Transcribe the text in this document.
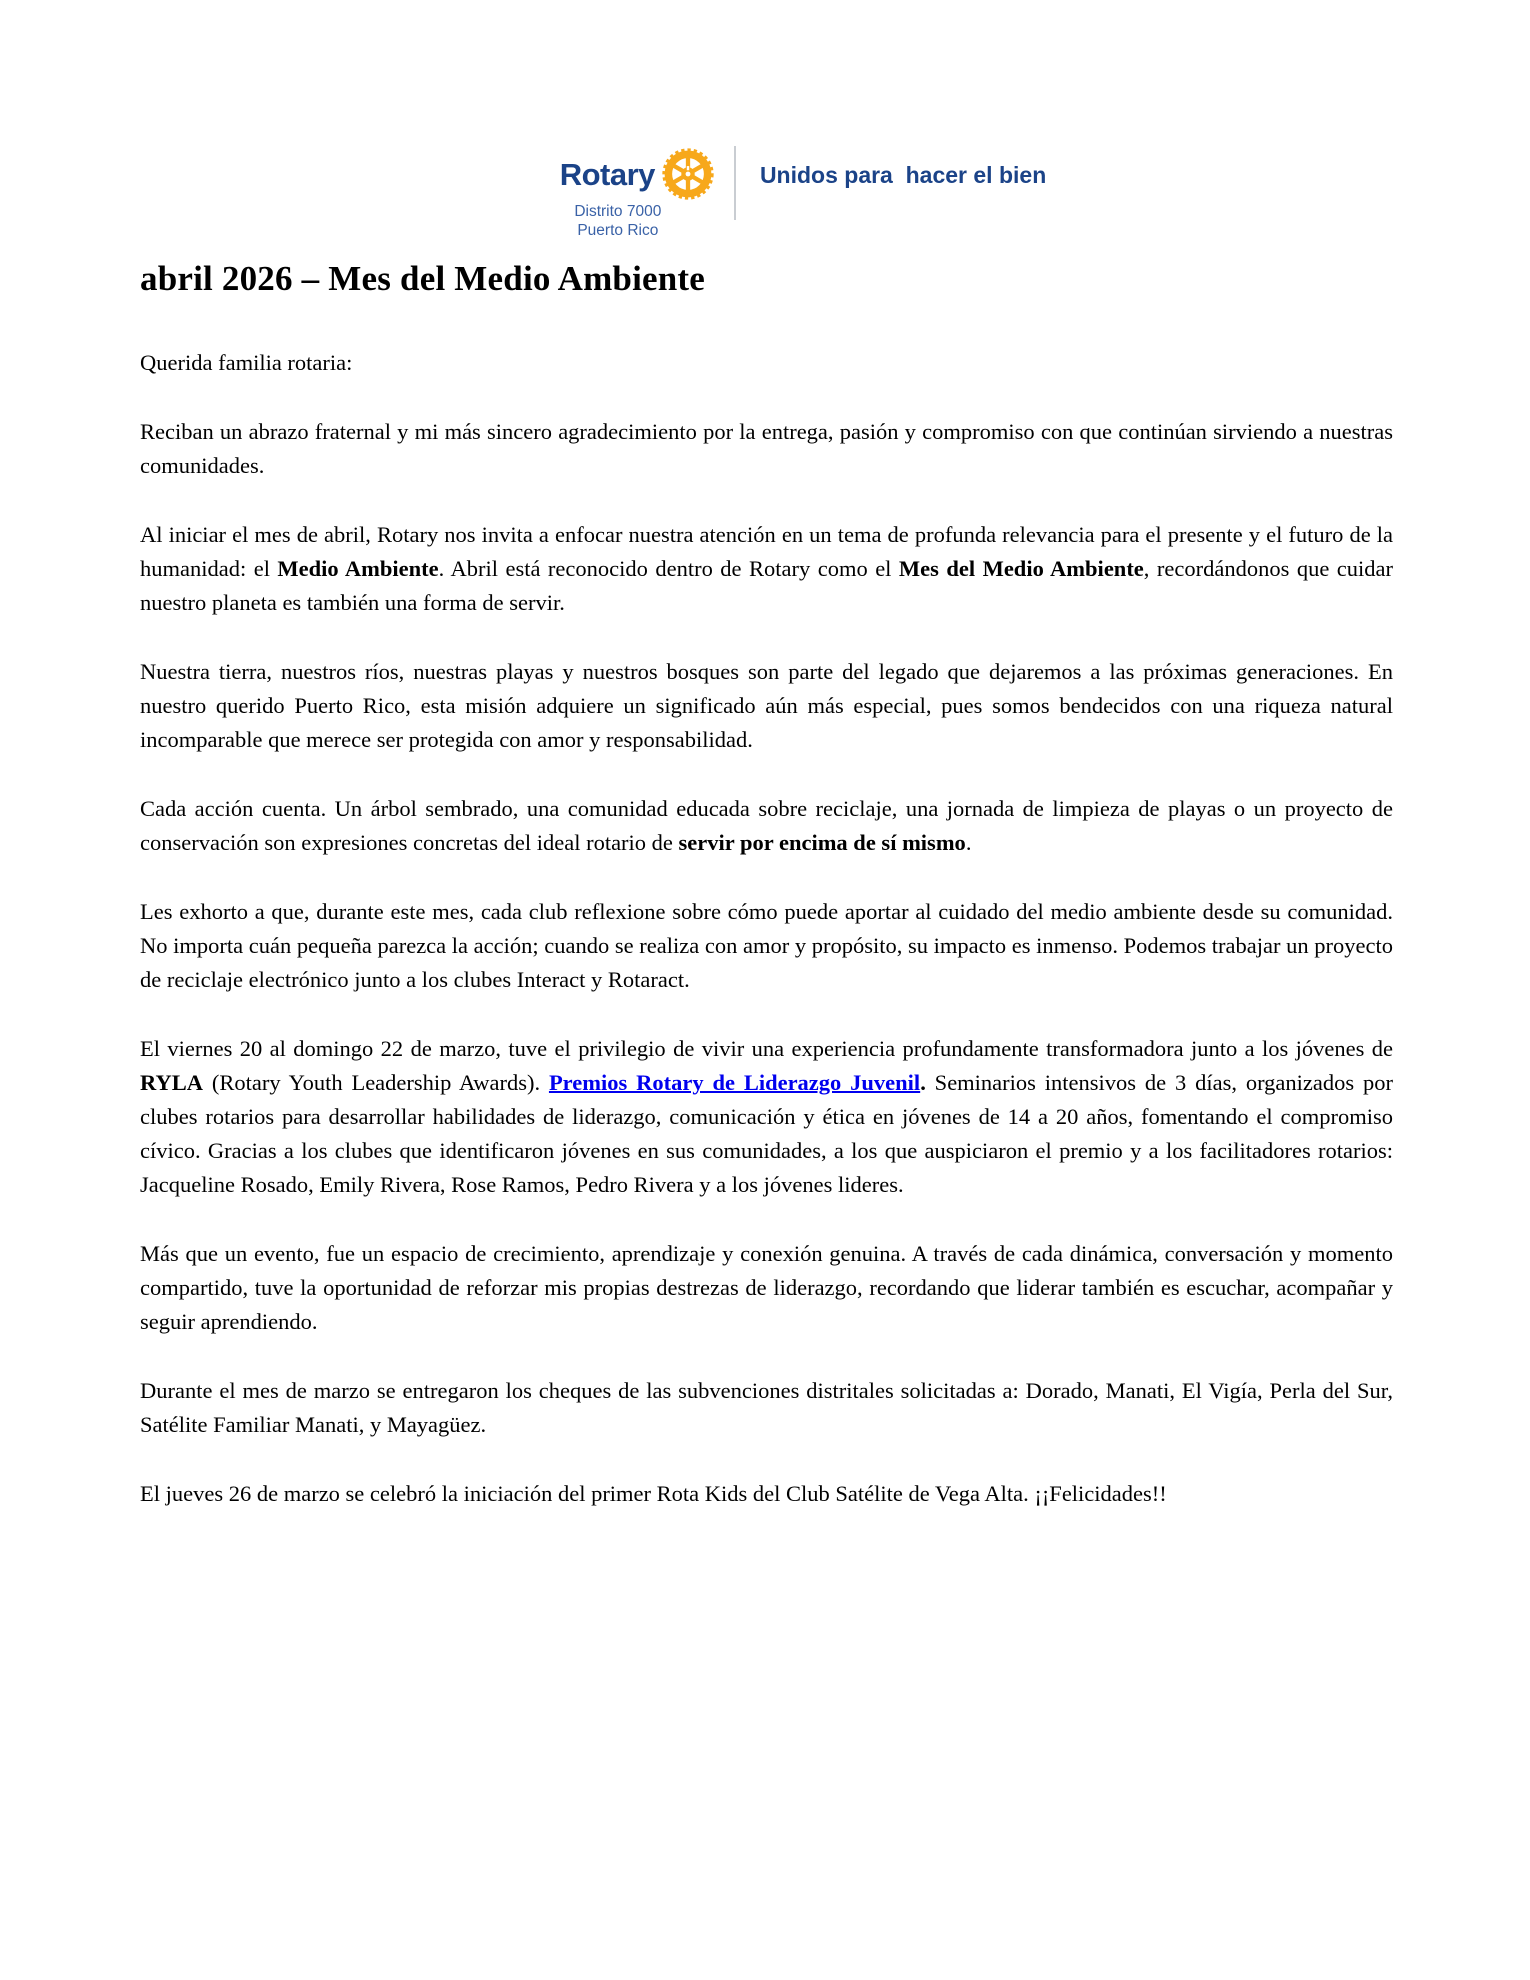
Rotary
Distrito 7000
Puerto Rico
Unidos para  hacer el bien
abril 2026 – Mes del Medio Ambiente

Querida familia rotaria:

Reciban un abrazo fraternal y mi más sincero agradecimiento por la entrega, pasión y compromiso con que continúan sirviendo a nuestras comunidades.

Al iniciar el mes de abril, Rotary nos invita a enfocar nuestra atención en un tema de profunda relevancia para el presente y el futuro de la humanidad: el Medio Ambiente. Abril está reconocido dentro de Rotary como el Mes del Medio Ambiente, recordándonos que cuidar nuestro planeta es también una forma de servir.

Nuestra tierra, nuestros ríos, nuestras playas y nuestros bosques son parte del legado que dejaremos a las próximas generaciones. En nuestro querido Puerto Rico, esta misión adquiere un significado aún más especial, pues somos bendecidos con una riqueza natural incomparable que merece ser protegida con amor y responsabilidad.

Cada acción cuenta. Un árbol sembrado, una comunidad educada sobre reciclaje, una jornada de limpieza de playas o un proyecto de conservación son expresiones concretas del ideal rotario de servir por encima de sí mismo.

Les exhorto a que, durante este mes, cada club reflexione sobre cómo puede aportar al cuidado del medio ambiente desde su comunidad. No importa cuán pequeña parezca la acción; cuando se realiza con amor y propósito, su impacto es inmenso. Podemos trabajar un proyecto de reciclaje electrónico junto a los clubes Interact y Rotaract.

El viernes 20 al domingo 22 de marzo, tuve el privilegio de vivir una experiencia profundamente transformadora junto a los jóvenes de RYLA (Rotary Youth Leadership Awards). Premios Rotary de Liderazgo Juvenil. Seminarios intensivos de 3 días, organizados por clubes rotarios para desarrollar habilidades de liderazgo, comunicación y ética en jóvenes de 14 a 20 años, fomentando el compromiso cívico. Gracias a los clubes que identificaron jóvenes en sus comunidades, a los que auspiciaron el premio y a los facilitadores rotarios: Jacqueline Rosado, Emily Rivera, Rose Ramos, Pedro Rivera y a los jóvenes lideres.

Más que un evento, fue un espacio de crecimiento, aprendizaje y conexión genuina. A través de cada dinámica, conversación y momento compartido, tuve la oportunidad de reforzar mis propias destrezas de liderazgo, recordando que liderar también es escuchar, acompañar y seguir aprendiendo.

Durante el mes de marzo se entregaron los cheques de las subvenciones distritales solicitadas a: Dorado, Manati, El Vigía, Perla del Sur, Satélite Familiar Manati, y Mayagüez.

El jueves 26 de marzo se celebró la iniciación del primer Rota Kids del Club Satélite de Vega Alta. ¡¡Felicidades!!
